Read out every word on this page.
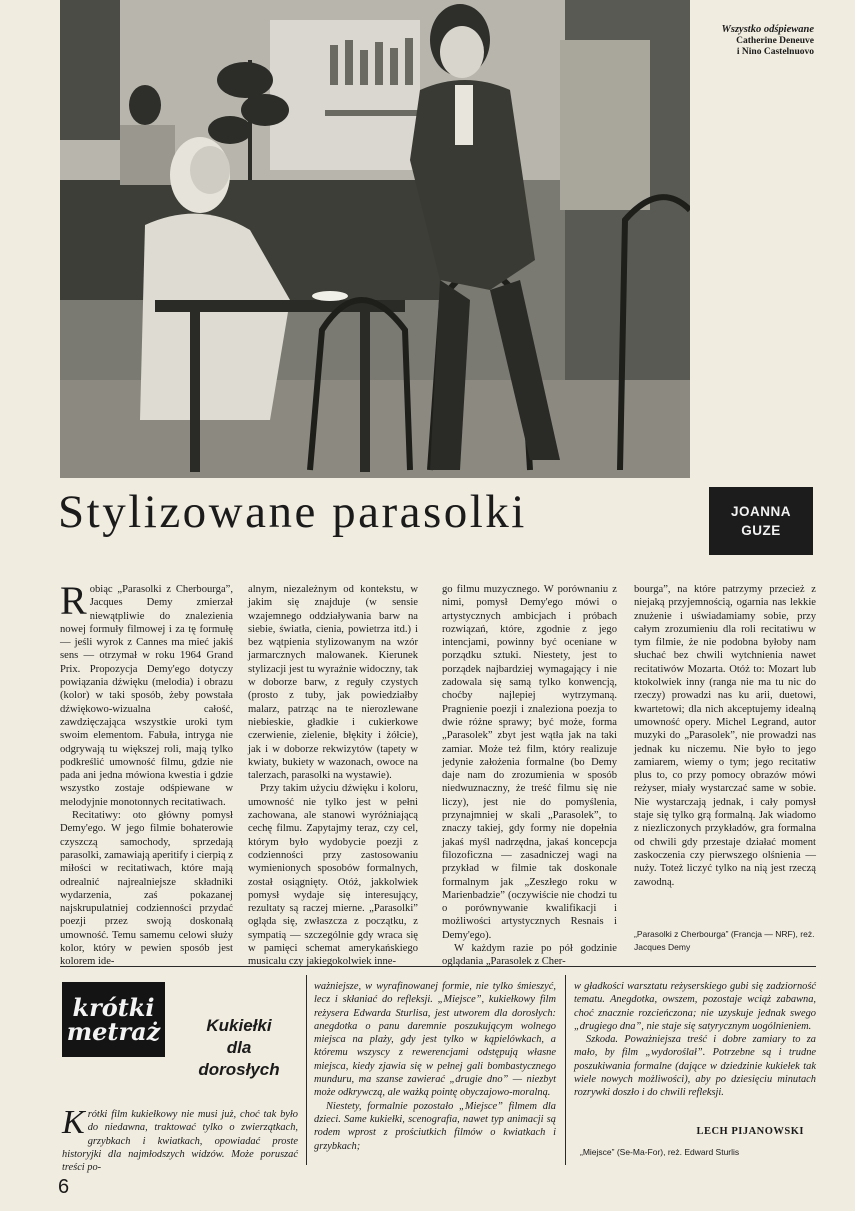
Wszystko odśpiewane
Catherine Deneuve
i Nino Castelnuovo
Stylizowane parasolki	JOANNA
GUZE

Robiąc „Parasolki z Cherbourga”, Jacques Demy zmierzał niewątpliwie do znalezienia nowej formuły filmowej i za tę formułę — jeśli wyrok z Cannes ma mieć jakiś sens — otrzymał w roku 1964 Grand Prix. Propozycja Demy'ego dotyczy powiązania dźwięku (melodia) i obrazu (kolor) w taki sposób, żeby powstała dźwiękowo-wizualna całość, zawdzięczająca wszystkie uroki tym swoim elementom. Fabuła, intryga nie odgrywają tu większej roli, mają tylko podkreślić umowność filmu, gdzie nie pada ani jedna mówiona kwestia i gdzie wszystko zostaje odśpiewane w melodyjnie monotonnych recitatiwach.

Recitatiwy: oto główny pomysł Demy'ego. W jego filmie bohaterowie czyszczą samochody, sprzedają parasolki, zamawiają aperitify i cierpią z miłości w recitatiwach, które mają odrealnić najrealniejsze składniki wydarzenia, zaś pokazanej najskrupulatniej codzienności przydać poezji przez swoją doskonałą umowność. Temu samemu celowi służy kolor, który w pewien sposób jest kolorem ide-

alnym, niezależnym od kontekstu, w jakim się znajduje (w sensie wzajemnego oddziaływania barw na siebie, światła, cienia, powietrza itd.) i bez wątpienia stylizowanym na wzór jarmarcznych malowanek. Kierunek stylizacji jest tu wyraźnie widoczny, tak w doborze barw, z reguły czystych (prosto z tuby, jak powiedziałby malarz, patrząc na te nierozlewane niebieskie, gładkie i cukierkowe czerwienie, zielenie, błękity i żółcie), jak i w doborze rekwizytów (tapety w kwiaty, bukiety w wazonach, owoce na talerzach, parasolki na wystawie).

Przy takim użyciu dźwięku i koloru, umowność nie tylko jest w pełni zachowana, ale stanowi wyróżniającą cechę filmu. Zapytajmy teraz, czy cel, którym było wydobycie poezji z codzienności przy zastosowaniu wymienionych sposobów formalnych, został osiągnięty. Otóż, jakkolwiek pomysł wydaje się interesujący, rezultaty są raczej mierne. „Parasolki” ogląda się, zwłaszcza z początku, z sympatią — szczególnie gdy wraca się w pamięci schemat amerykańskiego musicalu czy jakiegokolwiek inne-

go filmu muzycznego. W porównaniu z nimi, pomysł Demy'ego mówi o artystycznych ambicjach i próbach rozwiązań, które, zgodnie z jego intencjami, powinny być oceniane w porządku sztuki. Niestety, jest to porządek najbardziej wymagający i nie zadowala się samą tylko konwencją, choćby najlepiej wytrzymaną. Pragnienie poezji i znaleziona poezja to dwie różne sprawy; być może, forma „Parasolek” zbyt jest wątła jak na taki zamiar. Może też film, który realizuje jedynie założenia formalne (bo Demy daje nam do zrozumienia w sposób niedwuznaczny, że treść filmu się nie liczy), jest nie do pomyślenia, przynajmniej w skali „Parasolek”, to znaczy takiej, gdy formy nie dopełnia jakaś myśl nadrzędna, jakaś koncepcja filozoficzna — zasadniczej wagi na przykład w filmie tak doskonale formalnym jak „Zeszłego roku w Marienbadzie” (oczywiście nie chodzi tu o porównywanie kwalifikacji i możliwości artystycznych Resnais i Demy'ego).

W każdym razie po pół godzinie oglądania „Parasolek z Cher-

bourga”, na które patrzymy przecież z niejaką przyjemnością, ogarnia nas lekkie znużenie i uświadamiamy sobie, przy całym zrozumieniu dla roli recitatiwu w tym filmie, że nie podobna byłoby nam słuchać bez chwili wytchnienia nawet recitatiwów Mozarta. Otóż to: Mozart lub ktokolwiek inny (ranga nie ma tu nic do rzeczy) prowadzi nas ku arii, duetowi, kwartetowi; dla nich akceptujemy idealną umowność opery. Michel Legrand, autor muzyki do „Parasolek”, nie prowadzi nas jednak ku niczemu. Nie było to jego zamiarem, wiemy o tym; jego recitatiw plus to, co przy pomocy obrazów mówi reżyser, miały wystarczać same w sobie. Nie wystarczają jednak, i cały pomysł staje się tylko grą formalną. Jak wiadomo z niezliczonych przykładów, gra formalna od chwili gdy przestaje działać moment zaskoczenia czy pierwszego olśnienia — nuży. Toteż liczyć tylko na nią jest rzeczą zawodną.

„Parasolki z Cherbourga” (Francja — NRF), reż. Jacques Demy
krótki
metraż	Kukiełki
dla
dorosłych

Krótki film kukiełkowy nie musi już, choć tak było do niedawna, traktować tylko o zwierzątkach, grzybkach i kwiatkach, opowiadać proste historyjki dla najmłodszych widzów. Może poruszać treści po-

ważniejsze, w wyrafinowanej formie, nie tylko śmieszyć, lecz i skłaniać do refleksji. „Miejsce”, kukiełkowy film reżysera Edwarda Sturlisa, jest utworem dla dorosłych: anegdotka o panu daremnie poszukującym wolnego miejsca na plaży, gdy jest tylko w kąpielówkach, a któremu wszyscy z rewerencjami odstępują własne miejsca, kiedy zjawia się w pełnej gali bombastycznego munduru, ma szanse zawierać „drugie dno” — niezbyt może odkrywczą, ale ważką pointę obyczajowo-moralną.

Niestety, formalnie pozostało „Miejsce” filmem dla dzieci. Same kukiełki, scenografia, nawet typ animacji są rodem wprost z prościutkich filmów o kwiatkach i grzybkach;

w gładkości warsztatu reżyserskiego gubi się zadziorność tematu. Anegdotka, owszem, pozostaje wciąż zabawna, choć znacznie rozcieńczona; nie uzyskuje jednak swego „drugiego dna”, nie staje się satyrycznym uogólnieniem.

Szkoda. Poważniejsza treść i dobre zamiary to za mało, by film „wydoroślał”. Potrzebne są i trudne poszukiwania formalne (dające w dziedzinie kukiełek tak wiele nowych możliwości), aby po dziesięciu minutach rozrywki doszło i do chwili refleksji.

LECH PIJANOWSKI
„Miejsce” (Se-Ma-For), reż. Edward Sturlis
6
